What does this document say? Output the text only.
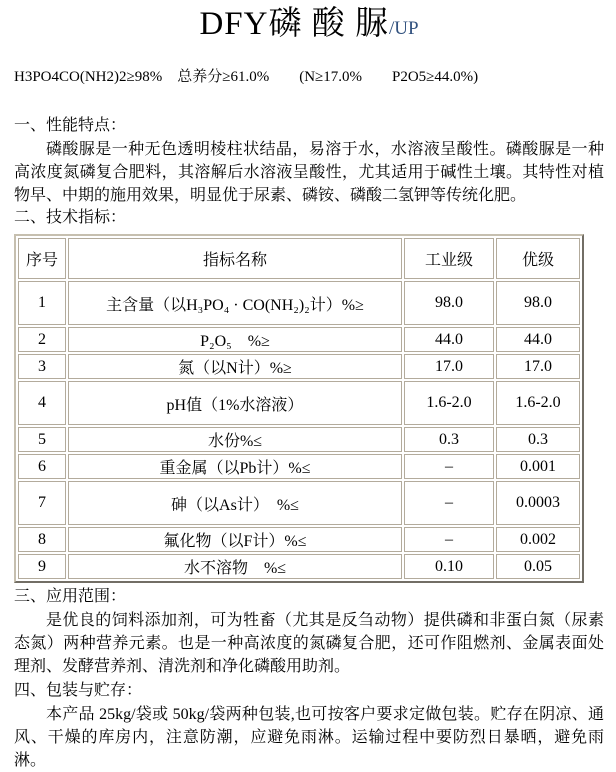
DFY磷 酸 脲/UP
H3PO4CO(NH2)2≥98%　总养分≥61.0%　　(N≥17.0%　　P2O5≥44.0%)
一、性能特点：

磷酸脲是一种无色透明棱柱状结晶，易溶于水，水溶液呈酸性。磷酸脲是一种高浓度氮磷复合肥料，其溶解后水溶液呈酸性，尤其适用于碱性土壤。其特性对植物早、中期的施用效果，明显优于尿素、磷铵、磷酸二氢钾等传统化肥。

二、技术指标：
序号	指标名称	工业级	优级
1	主含量（以H₃PO₄ · CO(NH₂)₂计）%≥	98.0	98.0
2	P₂O₅　%≥	44.0	44.0
3	氮（以N计）%≥	17.0	17.0
4	pH值（1%水溶液）	1.6-2.0	1.6-2.0
5	水份%≤	0.3	0.3
6	重金属（以Pb计）%≤	–	0.001
7	砷（以As计）　%≤	–	0.0003
8	氟化物（以F计）%≤	–	0.002
9	水不溶物　%≤	0.10	0.05
三、应用范围：

是优良的饲料添加剂，可为牲畜（尤其是反刍动物）提供磷和非蛋白氮（尿素态氮）两种营养元素。也是一种高浓度的氮磷复合肥，还可作阻燃剂、金属表面处理剂、发酵营养剂、清洗剂和净化磷酸用助剂。

四、包装与贮存：

本产品 25kg/袋或 50kg/袋两种包装,也可按客户要求定做包装。贮存在阴凉、通风、干燥的库房内，注意防潮，应避免雨淋。运输过程中要防烈日暴晒，避免雨淋。
